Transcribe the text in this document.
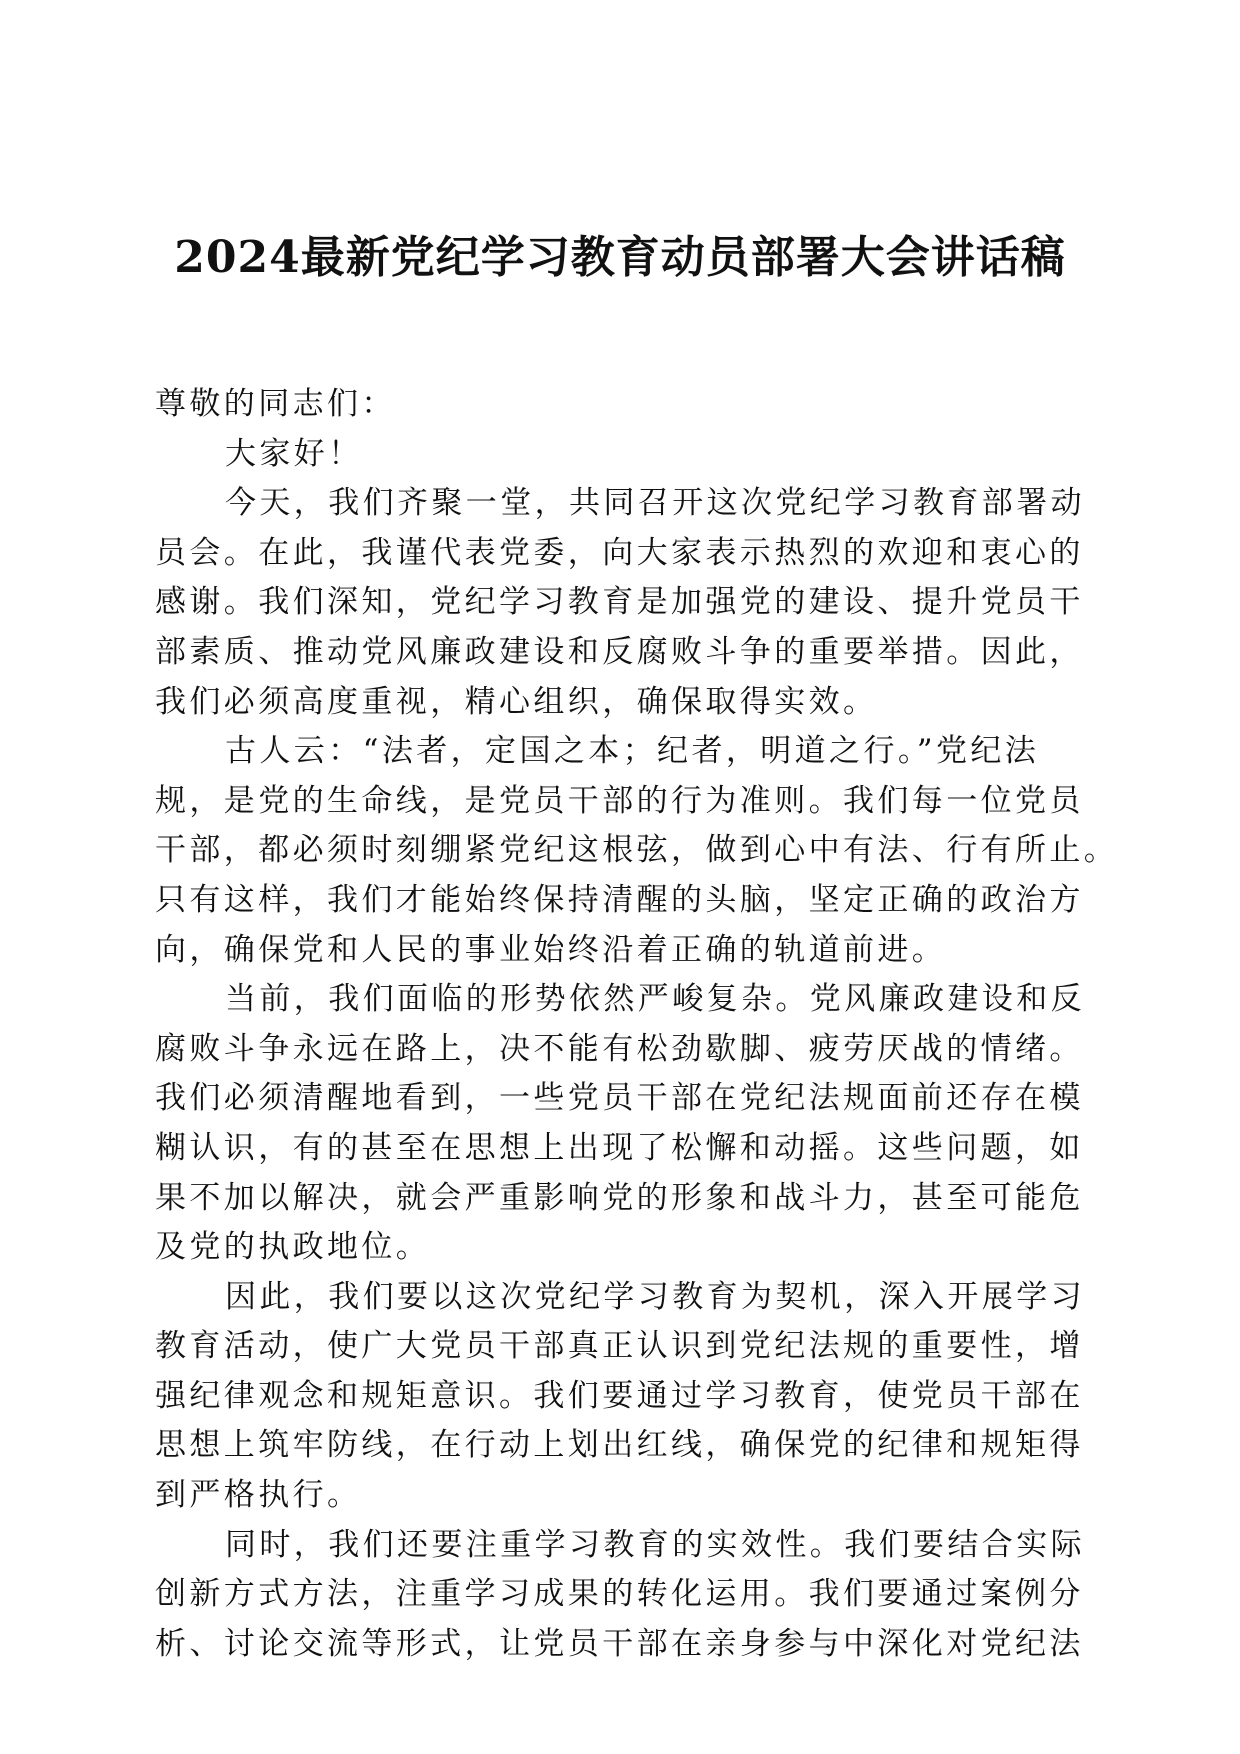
2024最新党纪学习教育动员部署大会讲话稿
尊敬的同志们：
大家好！
今天，我们齐聚一堂，共同召开这次党纪学习教育部署动
员会。在此，我谨代表党委，向大家表示热烈的欢迎和衷心的
感谢。我们深知，党纪学习教育是加强党的建设、提升党员干
部素质、推动党风廉政建设和反腐败斗争的重要举措。因此，
我们必须高度重视，精心组织，确保取得实效。
古人云：“法者，定国之本；纪者，明道之行。”党纪法
规，是党的生命线，是党员干部的行为准则。我们每一位党员
干部，都必须时刻绷紧党纪这根弦，做到心中有法、行有所止。
只有这样，我们才能始终保持清醒的头脑，坚定正确的政治方
向，确保党和人民的事业始终沿着正确的轨道前进。
当前，我们面临的形势依然严峻复杂。党风廉政建设和反
腐败斗争永远在路上，决不能有松劲歇脚、疲劳厌战的情绪。
我们必须清醒地看到，一些党员干部在党纪法规面前还存在模
糊认识，有的甚至在思想上出现了松懈和动摇。这些问题，如
果不加以解决，就会严重影响党的形象和战斗力，甚至可能危
及党的执政地位。
因此，我们要以这次党纪学习教育为契机，深入开展学习
教育活动，使广大党员干部真正认识到党纪法规的重要性，增
强纪律观念和规矩意识。我们要通过学习教育，使党员干部在
思想上筑牢防线，在行动上划出红线，确保党的纪律和规矩得
到严格执行。
同时，我们还要注重学习教育的实效性。我们要结合实际
创新方式方法，注重学习成果的转化运用。我们要通过案例分
析、讨论交流等形式，让党员干部在亲身参与中深化对党纪法
